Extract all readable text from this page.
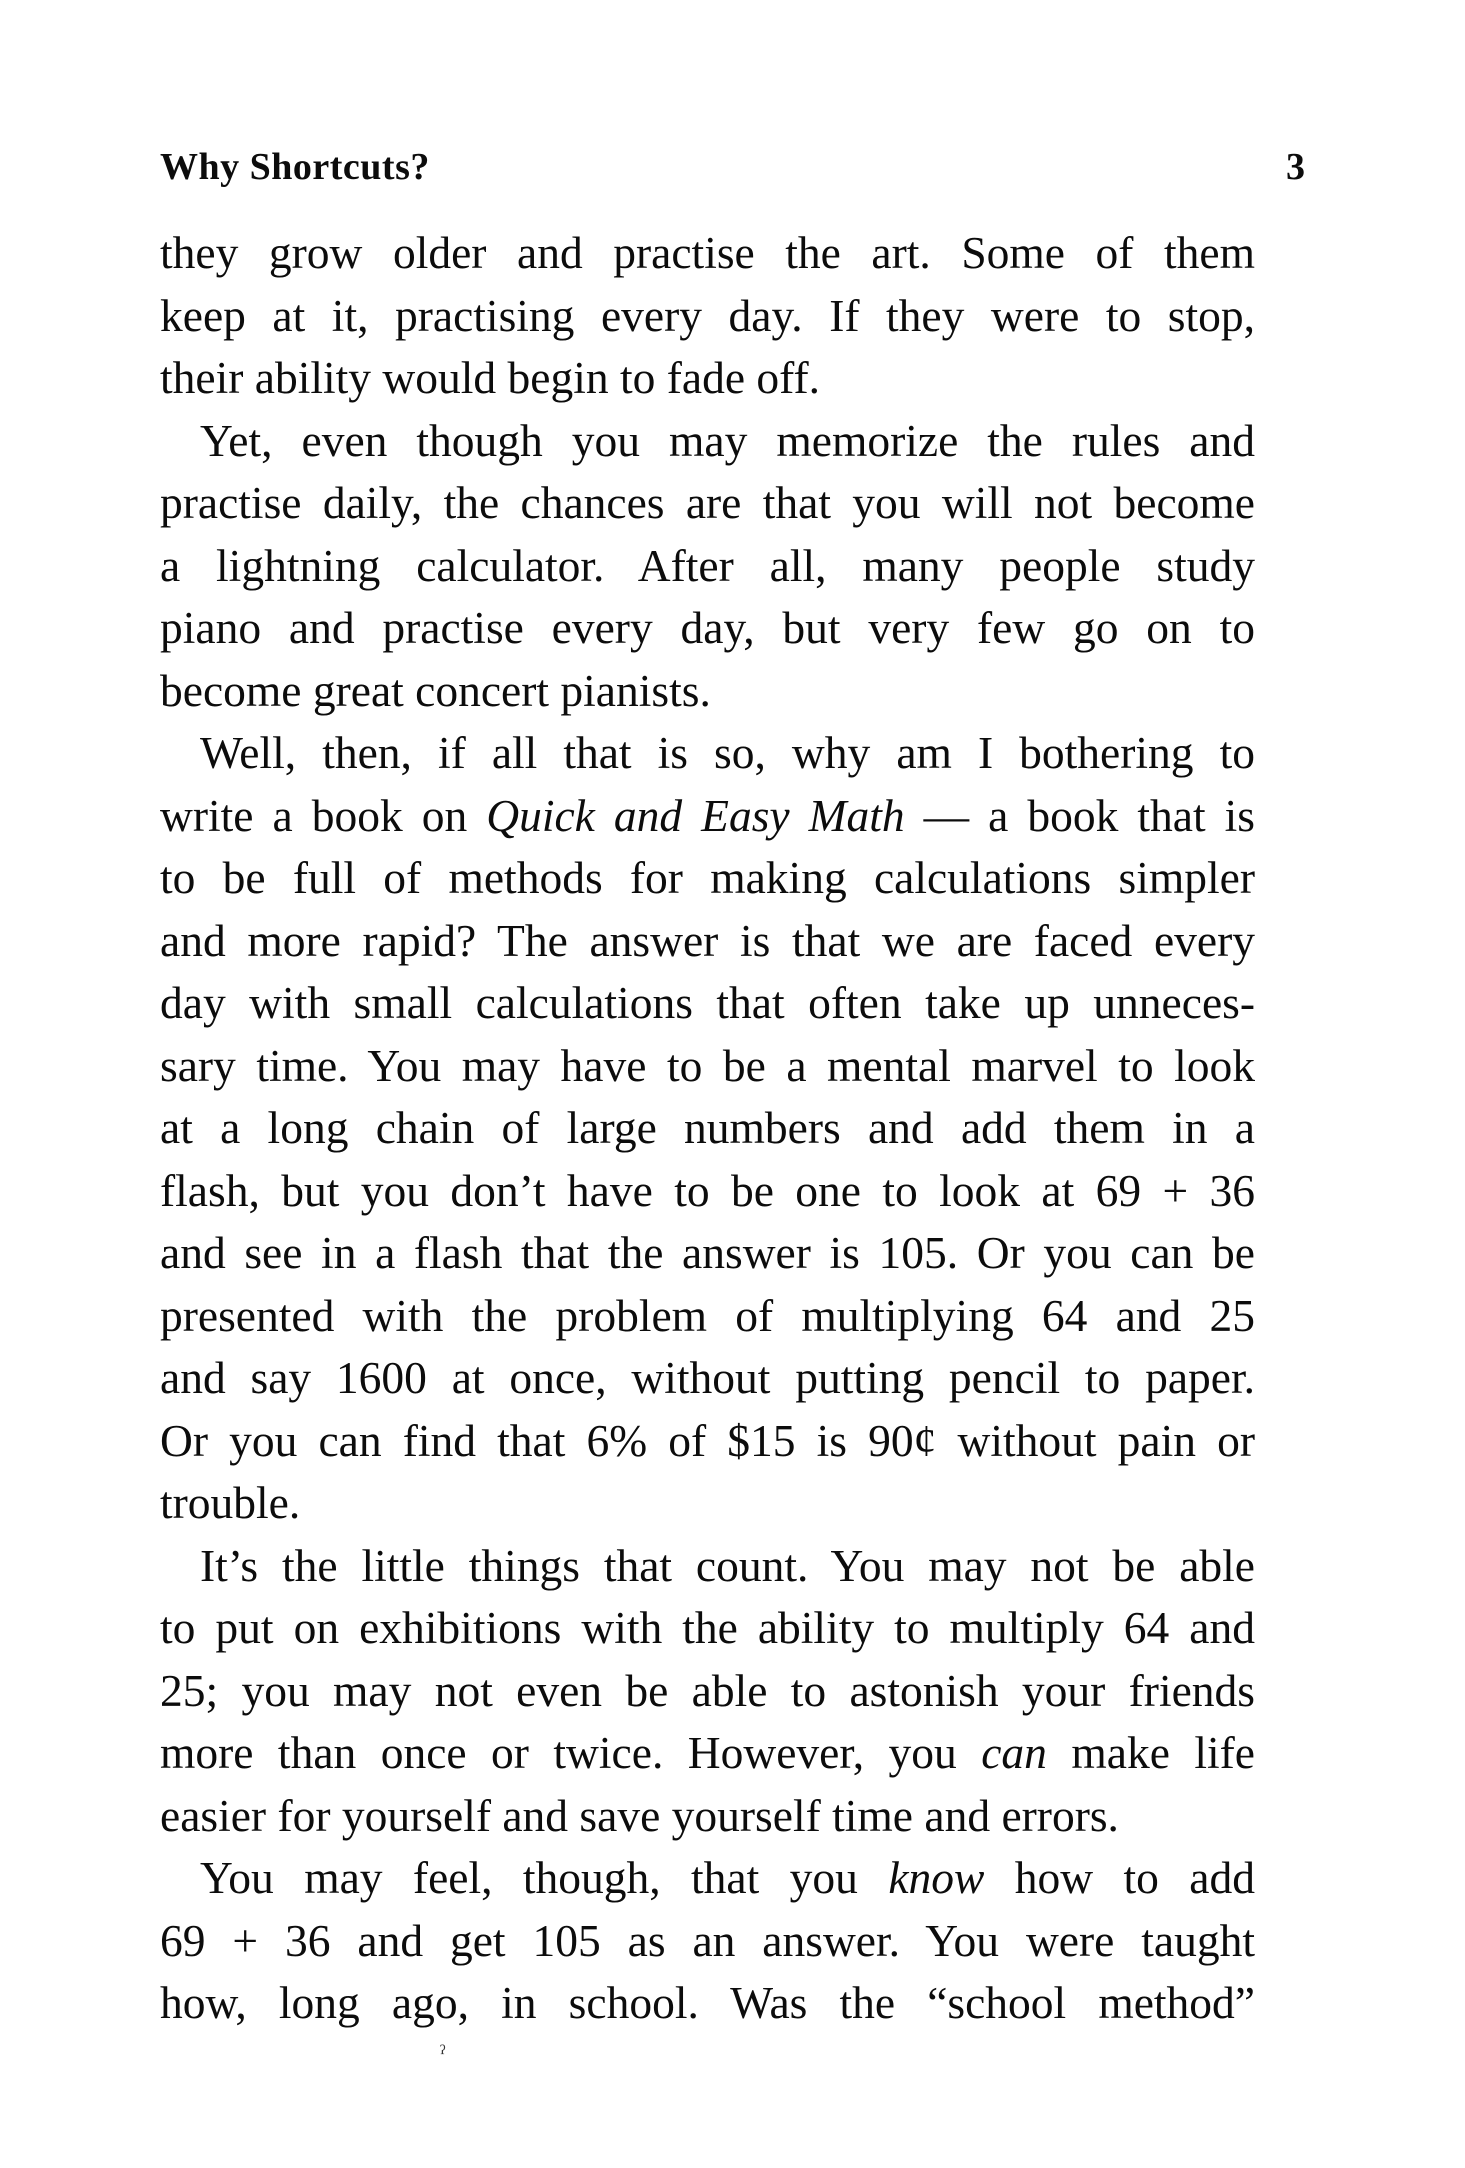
Why Shortcuts?	3
they grow older and practise the art. Some of them
keep at it, practising every day. If they were to stop,
their ability would begin to fade off.
Yet, even though you may memorize the rules and
practise daily, the chances are that you will not become
a lightning calculator. After all, many people study
piano and practise every day, but very few go on to
become great concert pianists.
Well, then, if all that is so, why am I bothering to
write a book on Quick and Easy Math — a book that is
to be full of methods for making calculations simpler
and more rapid? The answer is that we are faced every
day with small calculations that often take up unneces-
sary time. You may have to be a mental marvel to look
at a long chain of large numbers and add them in a
flash, but you don’t have to be one to look at 69 + 36
and see in a flash that the answer is 105. Or you can be
presented with the problem of multiplying 64 and 25
and say 1600 at once, without putting pencil to paper.
Or you can find that 6% of $15 is 90¢ without pain or
trouble.
It’s the little things that count. You may not be able
to put on exhibitions with the ability to multiply 64 and
25; you may not even be able to astonish your friends
more than once or twice. However, you can make life
easier for yourself and save yourself time and errors.
You may feel, though, that you know how to add
69 + 36 and get 105 as an answer. You were taught
how, long ago, in school. Was the “school method”
ˀ
